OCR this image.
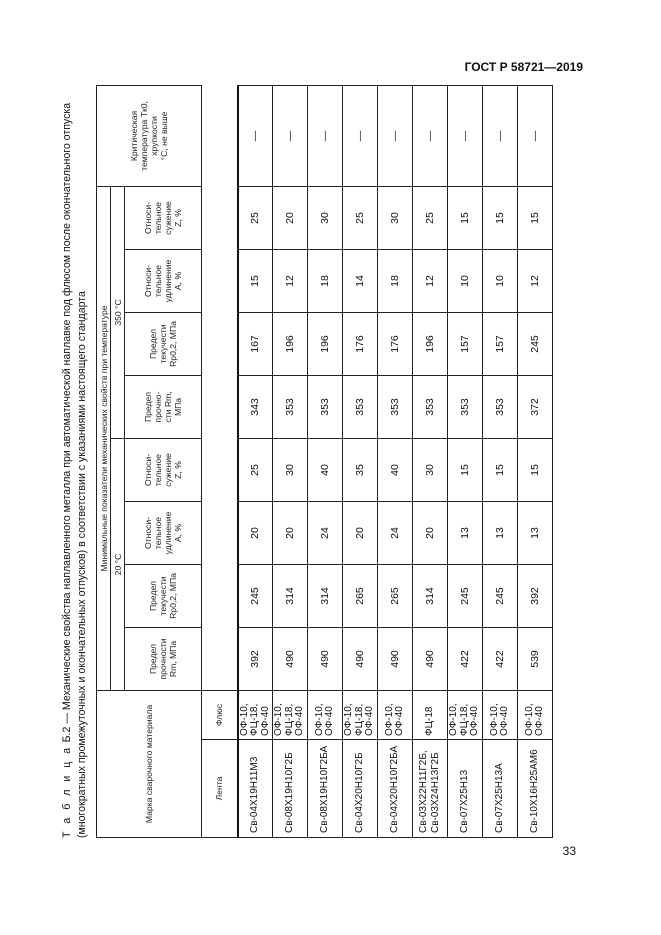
ГОСТ Р 58721—2019

Т а б л и ц а Б.2 — Механические свойства наплавленного металла при автоматической наплавке под флюсом после окончательного отпуска (многократных промежуточных и окончательных отпусков) в соответствии с указаниями настоящего стандарта	Марка сварочного материала		Минимальные показатели механических свойств при температуре								Критическая температура Tк0, хрупкости °С, не выше

		20 °С				350 °С				

		Предел прочности Rm, МПа	Предел текучести Rp0,2, МПа	Относи- тельное удлинение A, %	Относи- тельное сужение Z, %	Предел прочно- сти Rm, МПа	Предел текучести Rp0,2, МПа	Относи- тельное удлинение A, %	Относи- тельное сужение Z, %	

Лента	Флюс									
Св-04Х19Н11М3	ОФ-10, ФЦ-18, ОФ-40	392	245	20	25	343	167	15	25	—
Св-08Х19Н10Г2Б	ОФ-10, ФЦ-18, ОФ-40	490	314	20	30	353	196	12	20	—
Св-08Х19Н10Г2БА	ОФ-10, ОФ-40	490	314	24	40	353	196	18	30	—
Св-04Х20Н10Г2Б	ОФ-10, ФЦ-18, ОФ-40	490	265	20	35	353	176	14	25	—
Св-04Х20Н10Г2БА	ОФ-10, ОФ-40	490	265	24	40	353	176	18	30	—
Св-03Х22Н11Г2Б, Св-03Х24Н13Г2Б	ФЦ-18	490	314	20	30	353	196	12	25	—
Св-07Х25Н13	ОФ-10, ФЦ-18, ОФ-40	422	245	13	15	353	157	10	15	—
Св-07Х25Н13А	ОФ-10, ОФ-40	422	245	13	15	353	157	10	15	—
Св-10Х16Н25АМ6	ОФ-10, ОФ-40	539	392	13	15	372	245	12	15	—
33
